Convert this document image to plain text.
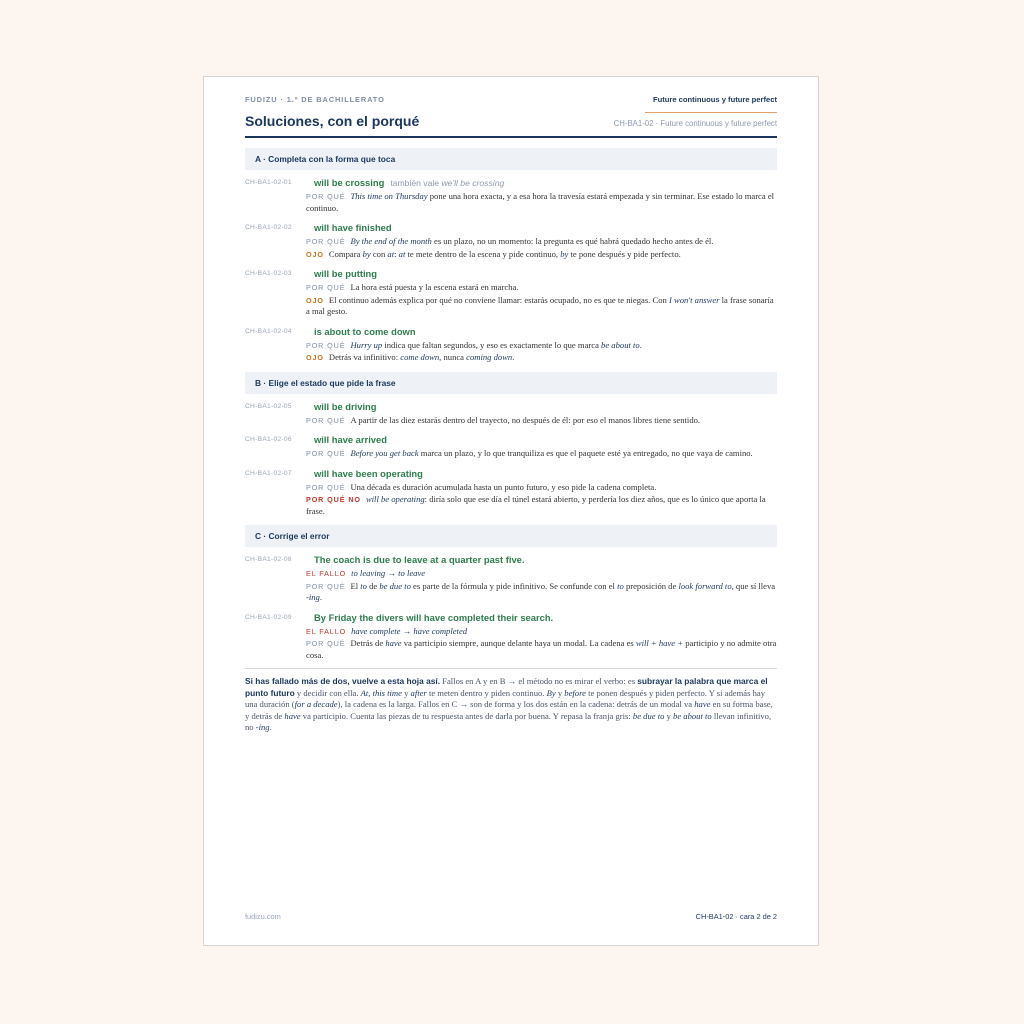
FUDIZU · 1.º DE BACHILLERATO	Future continuous y future perfect
Soluciones, con el porqué	CH-BA1-02 · Future continuous y future perfect
A · Completa con la forma que toca
CH-BA1-02-01	will be crossing también vale we'll be crossing
POR QUÉ This time on Thursday pone una hora exacta, y a esa hora la travesía estará empezada y sin terminar. Ese estado lo marca el continuo.
CH-BA1-02-02	will have finished
POR QUÉ By the end of the month es un plazo, no un momento: la pregunta es qué habrá quedado hecho antes de él.
OJO Compara by con at: at te mete dentro de la escena y pide continuo, by te pone después y pide perfecto.
CH-BA1-02-03	will be putting
POR QUÉ La hora está puesta y la escena estará en marcha.
OJO El continuo además explica por qué no conviene llamar: estarás ocupado, no es que te niegas. Con I won't answer la frase sonaría a mal gesto.
CH-BA1-02-04	is about to come down
POR QUÉ Hurry up indica que faltan segundos, y eso es exactamente lo que marca be about to.
OJO Detrás va infinitivo: come down, nunca coming down.
B · Elige el estado que pide la frase
CH-BA1-02-05	will be driving
POR QUÉ A partir de las diez estarás dentro del trayecto, no después de él: por eso el manos libres tiene sentido.
CH-BA1-02-06	will have arrived
POR QUÉ Before you get back marca un plazo, y lo que tranquiliza es que el paquete esté ya entregado, no que vaya de camino.
CH-BA1-02-07	will have been operating
POR QUÉ Una década es duración acumulada hasta un punto futuro, y eso pide la cadena completa.
POR QUÉ NO will be operating: diría solo que ese día el túnel estará abierto, y perdería los diez años, que es lo único que aporta la frase.
C · Corrige el error
CH-BA1-02-08	The coach is due to leave at a quarter past five.
EL FALLO to leaving → to leave
POR QUÉ El to de be due to es parte de la fórmula y pide infinitivo. Se confunde con el to preposición de look forward to, que sí lleva -ing.
CH-BA1-02-09	By Friday the divers will have completed their search.
EL FALLO have complete → have completed
POR QUÉ Detrás de have va participio siempre, aunque delante haya un modal. La cadena es will + have + participio y no admite otra cosa.
Si has fallado más de dos, vuelve a esta hoja así. Fallos en A y en B → el método no es mirar el verbo: es subrayar la palabra que marca el punto futuro y decidir con ella. At, this time y after te meten dentro y piden continuo. By y before te ponen después y piden perfecto. Y si además hay una duración (for a decade), la cadena es la larga. Fallos en C → son de forma y los dos están en la cadena: detrás de un modal va have en su forma base, y detrás de have va participio. Cuenta las piezas de tu respuesta antes de darla por buena. Y repasa la franja gris: be due to y be about to llevan infinitivo, no -ing.
fudizu.com	CH-BA1-02 · cara 2 de 2
